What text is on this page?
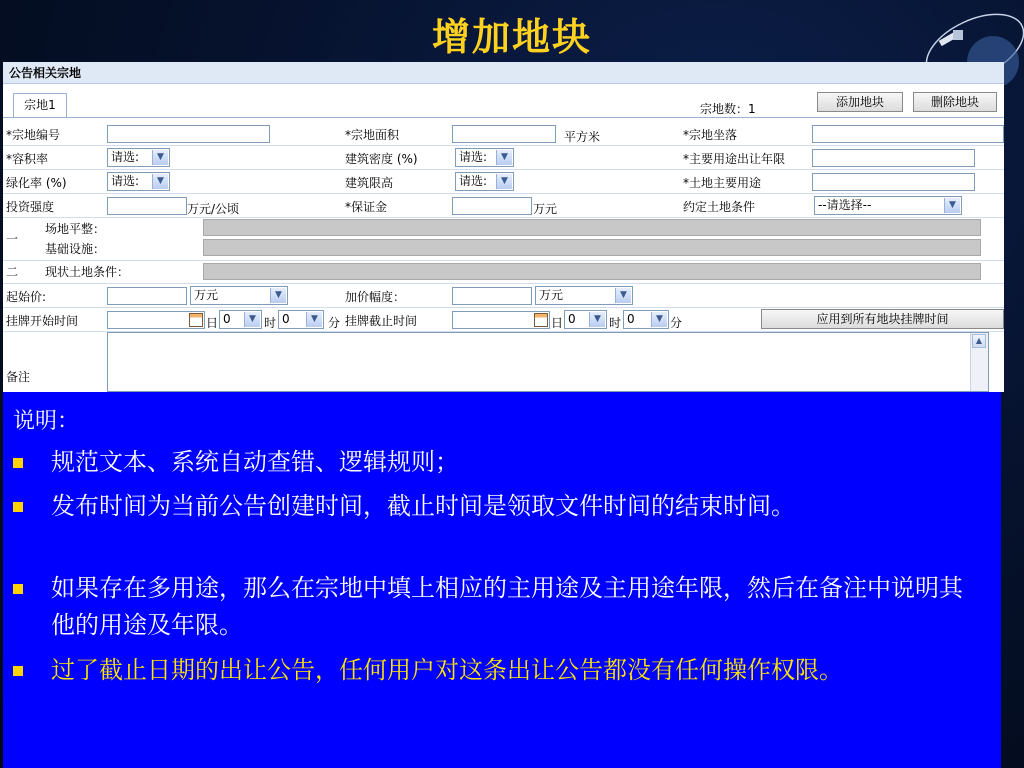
增加地块
公告相关宗地
宗地1	宗地数：1	添加地块	删除地块
*宗地编号	*宗地面积	平方米	*宗地坐落
*容积率	请选:	▼	建筑密度 (%)	请选:	▼	*主要用途出让年限
绿化率 (%)	请选:	▼	建筑限高	请选:	▼	*土地主要用途
投资强度	万元/公顷	*保证金	万元	约定土地条件	--请选择--	▼
一
场地平整：
基础设施：
二 现状土地条件：
起始价:	万元	▼	加价幅度：	万元	▼
挂牌开始时间	日 0	▼ 时 0	▼ 分 挂牌截止时间	日 0	▼ 时 0	▼ 分	应用到所有地块挂牌时间
备注
▲
说明：
规范文本、系统自动查错、逻辑规则；
发布时间为当前公告创建时间，截止时间是领取文件时间的结束时间。
如果存在多用途，那么在宗地中填上相应的主用途及主用途年限，然后在备注中说明其他的用途及年限。
过了截止日期的出让公告，任何用户对这条出让公告都没有任何操作权限。
